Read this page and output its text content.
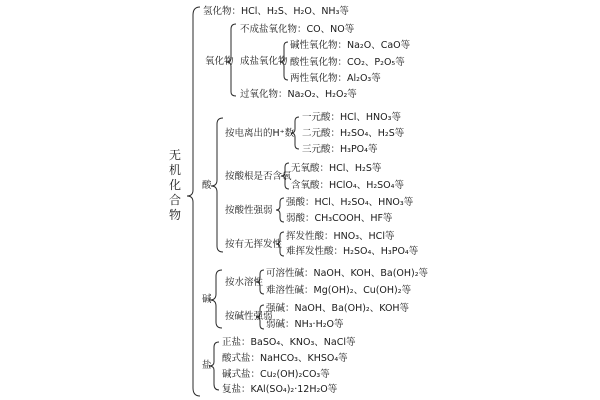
无机化合物
氢化物：HCl、H₂S、H₂O、NH₃等
氧化物
不成盐氧化物：CO、NO等
成盐氧化物
碱性氧化物：Na₂O、CaO等
酸性氧化物：CO₂、P₂O₅等
两性氧化物：Al₂O₃等
过氧化物：Na₂O₂、H₂O₂等
酸
按电离出的H⁺数
一元酸：HCl、HNO₃等
二元酸：H₂SO₄、H₂S等
三元酸：H₃PO₄等
按酸根是否含氧
无氧酸：HCl、H₂S等
含氧酸：HClO₄、H₂SO₄等
按酸性强弱
强酸：HCl、H₂SO₄、HNO₃等
弱酸：CH₃COOH、HF等
按有无挥发性
挥发性酸：HNO₃、HCl等
难挥发性酸：H₂SO₄、H₃PO₄等
碱
按水溶性
可溶性碱：NaOH、KOH、Ba(OH)₂等
难溶性碱：Mg(OH)₂、Cu(OH)₂等
按碱性强弱
强碱：NaOH、Ba(OH)₂、KOH等
弱碱：NH₃·H₂O等
盐
正盐：BaSO₄、KNO₃、NaCl等
酸式盐：NaHCO₃、KHSO₄等
碱式盐：Cu₂(OH)₂CO₃等
复盐：KAl(SO₄)₂·12H₂O等
